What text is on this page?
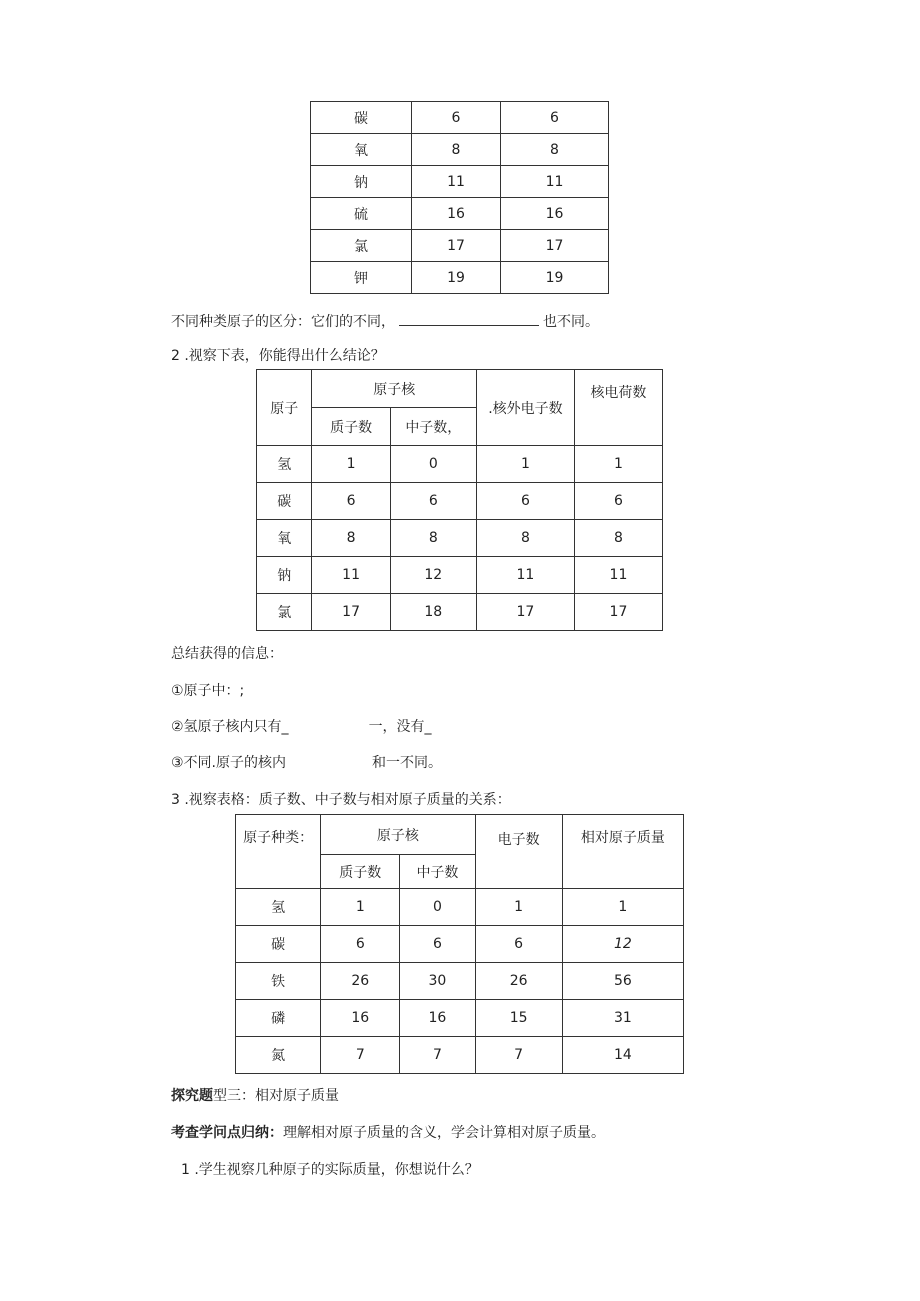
碳	6	6
氧	8	8
钠	11	11
硫	16	16
氯	17	17
钾	19	19
不同种类原子的区分：它们的不同，	也不同。
2 .视察下表，你能得出什么结论？
原子	原子核		.核外电子数	核电荷数
	质子数	中子数，		
氢	1	0	1	1
碳	6	6	6	6
氧	8	8	8	8
钠	11	12	11	11
氯	17	18	17	17
总结获得的信息：
①原子中：;
②氢原子核内只有_	一，没有_
③不同.原子的核内	和一不同。
3 .视察表格：质子数、中子数与相对原子质量的关系：
原子种类：	原子核		电子数	相对原子质量
	质子数	中子数		
氢	1	0	1	1
碳	6	6	6	12
铁	26	30	26	56
磷	16	16	15	31
氮	7	7	7	14
探究题型三：相对原子质量
考查学问点归纳：理解相对原子质量的含义，学会计算相对原子质量。
1 .学生视察几种原子的实际质量，你想说什么？
